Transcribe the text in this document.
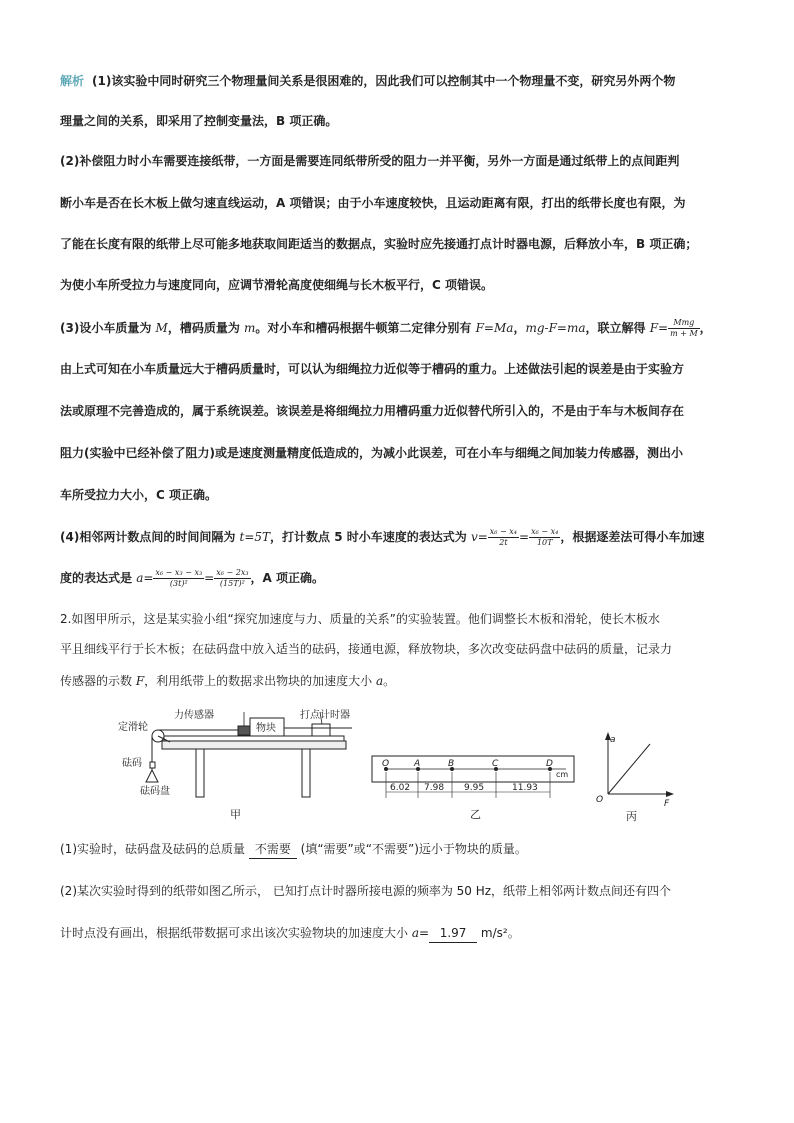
解析 (1)该实验中同时研究三个物理量间关系是很困难的，因此我们可以控制其中一个物理量不变，研究另外两个物
理量之间的关系，即采用了控制变量法，B 项正确。
(2)补偿阻力时小车需要连接纸带，一方面是需要连同纸带所受的阻力一并平衡，另外一方面是通过纸带上的点间距判
断小车是否在长木板上做匀速直线运动，A 项错误；由于小车速度较快，且运动距离有限，打出的纸带长度也有限，为
了能在长度有限的纸带上尽可能多地获取间距适当的数据点，实验时应先接通打点计时器电源，后释放小车，B 项正确；
为使小车所受拉力与速度同向，应调节滑轮高度使细绳与长木板平行，C 项错误。
(3)设小车质量为 M，槽码质量为 m。对小车和槽码根据牛顿第二定律分别有 F=Ma，mg-F=ma，联立解得 $F= \frac{\text{Mmg}}{m + M}$ ，
由上式可知在小车质量远大于槽码质量时，可以认为细绳拉力近似等于槽码的重力。上述做法引起的误差是由于实验方
法或原理不完善造成的，属于系统误差。该误差是将细绳拉力用槽码重力近似替代所引入的，不是由于车与木板间存在
阻力(实验中已经补偿了阻力)或是速度测量精度低造成的，为减小此误差，可在小车与细绳之间加装力传感器，测出小
车所受拉力大小，C 项正确。
(4)相邻两计数点间的时间间隔为 t=5T，打计数点 5 时小车速度的表达式为 $v= \frac{\text{x₆ − x₄}}{2t} = \frac{\text{x₆ − x₄}}{10T}$ ，根据逐差法可得小车加速
度的表达式是 $a= \frac{\text{x₆ − x₃ − x₃}}{\text{(3t)²}} = \frac{\text{x₆ − 2x₃}}{\text{(15T)²}}$ ，A 项正确。
2.如图甲所示，这是某实验小组“探究加速度与力、质量的关系”的实验装置。他们调整长木板和滑轮，使长木板水
平且细线平行于长木板；在砝码盘中放入适当的砝码，接通电源，释放物块，多次改变砝码盘中砝码的质量，记录力
传感器的示数 F，利用纸带上的数据求出物块的加速度大小 a。
定滑轮
力传感器
物块
打点计时器
砝码
砝码盘
甲
O	A	B	C	D
cm
6.02 7.98 9.95	11.93
乙
a
F
O
丙
(1)实验时，砝码盘及砝码的总质量 不需要 (填“需要”或“不需要”)远小于物块的质量。
(2)某次实验时得到的纸带如图乙所示， 已知打点计时器所接电源的频率为 50 Hz，纸带上相邻两计数点间还有四个
计时点没有画出，根据纸带数据可求出该次实验物块的加速度大小 a= 1.97 m/s²。
